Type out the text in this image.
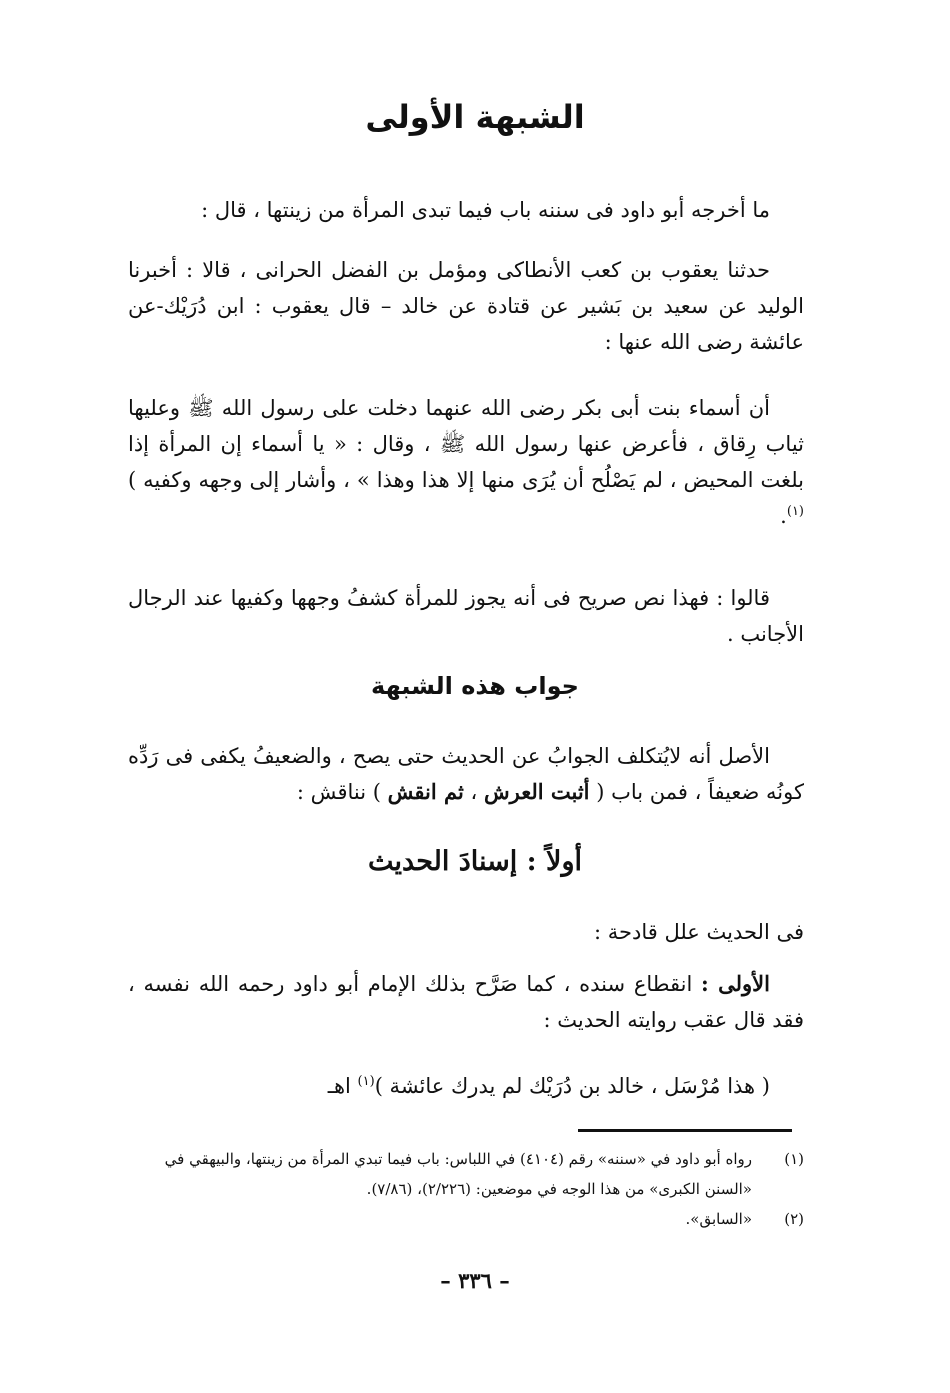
الشبهة الأولى

ما أخرجه أبو داود فى سننه باب فيما تبدى المرأة من زينتها ، قال :

حدثنا يعقوب بن كعب الأنطاكى ومؤمل بن الفضل الحرانى ، قالا : أخبرنا الوليد عن سعيد بن بَشير عن قتادة عن خالد – قال يعقوب : ابن دُرَيْك-عن عائشة رضى الله عنها :

أن أسماء بنت أبى بكر رضى الله عنهما دخلت على رسول الله ﷺ وعليها ثياب رِقاق ، فأعرض عنها رسول الله ﷺ ، وقال : « يا أسماء إن المرأة إذا بلغت المحيض ، لم يَصْلُح أن يُرَى منها إلا هذا وهذا » ، وأشار إلى وجهه وكفيه ) $^{(١)}$.

قالوا : فهذا نص صريح فى أنه يجوز للمرأة كشفُ وجهها وكفيها عند الرجال الأجانب .

جواب هذه الشبهة

الأصل أنه لايُتكلف الجوابُ عن الحديث حتى يصح ، والضعيفُ يكفى فى رَدِّه كونُه ضعيفاً ، فمن باب ( أثبت العرش ، ثم انقش ) نناقش :

أولاً : إسنادَ الحديث

فى الحديث علل قادحة :

الأولى : انقطاع سنده ، كما صَرَّح بذلك الإمام أبو داود رحمه الله نفسه ، فقد قال عقب روايته الحديث :

( هذا مُرْسَل ، خالد بن دُرَيْك لم يدرك عائشة )$^{(١)}$ اهـ

(١)
رواه أبو داود في «سننه» رقم (٤١٠٤) في اللباس: باب فيما تبدي المرأة من زينتها، والبيهقي في «السنن الكبرى» من هذا الوجه في موضعين: (٢/٢٢٦)، (٧/٨٦).
(٢)
«السابق».
– ٣٣٦ –
